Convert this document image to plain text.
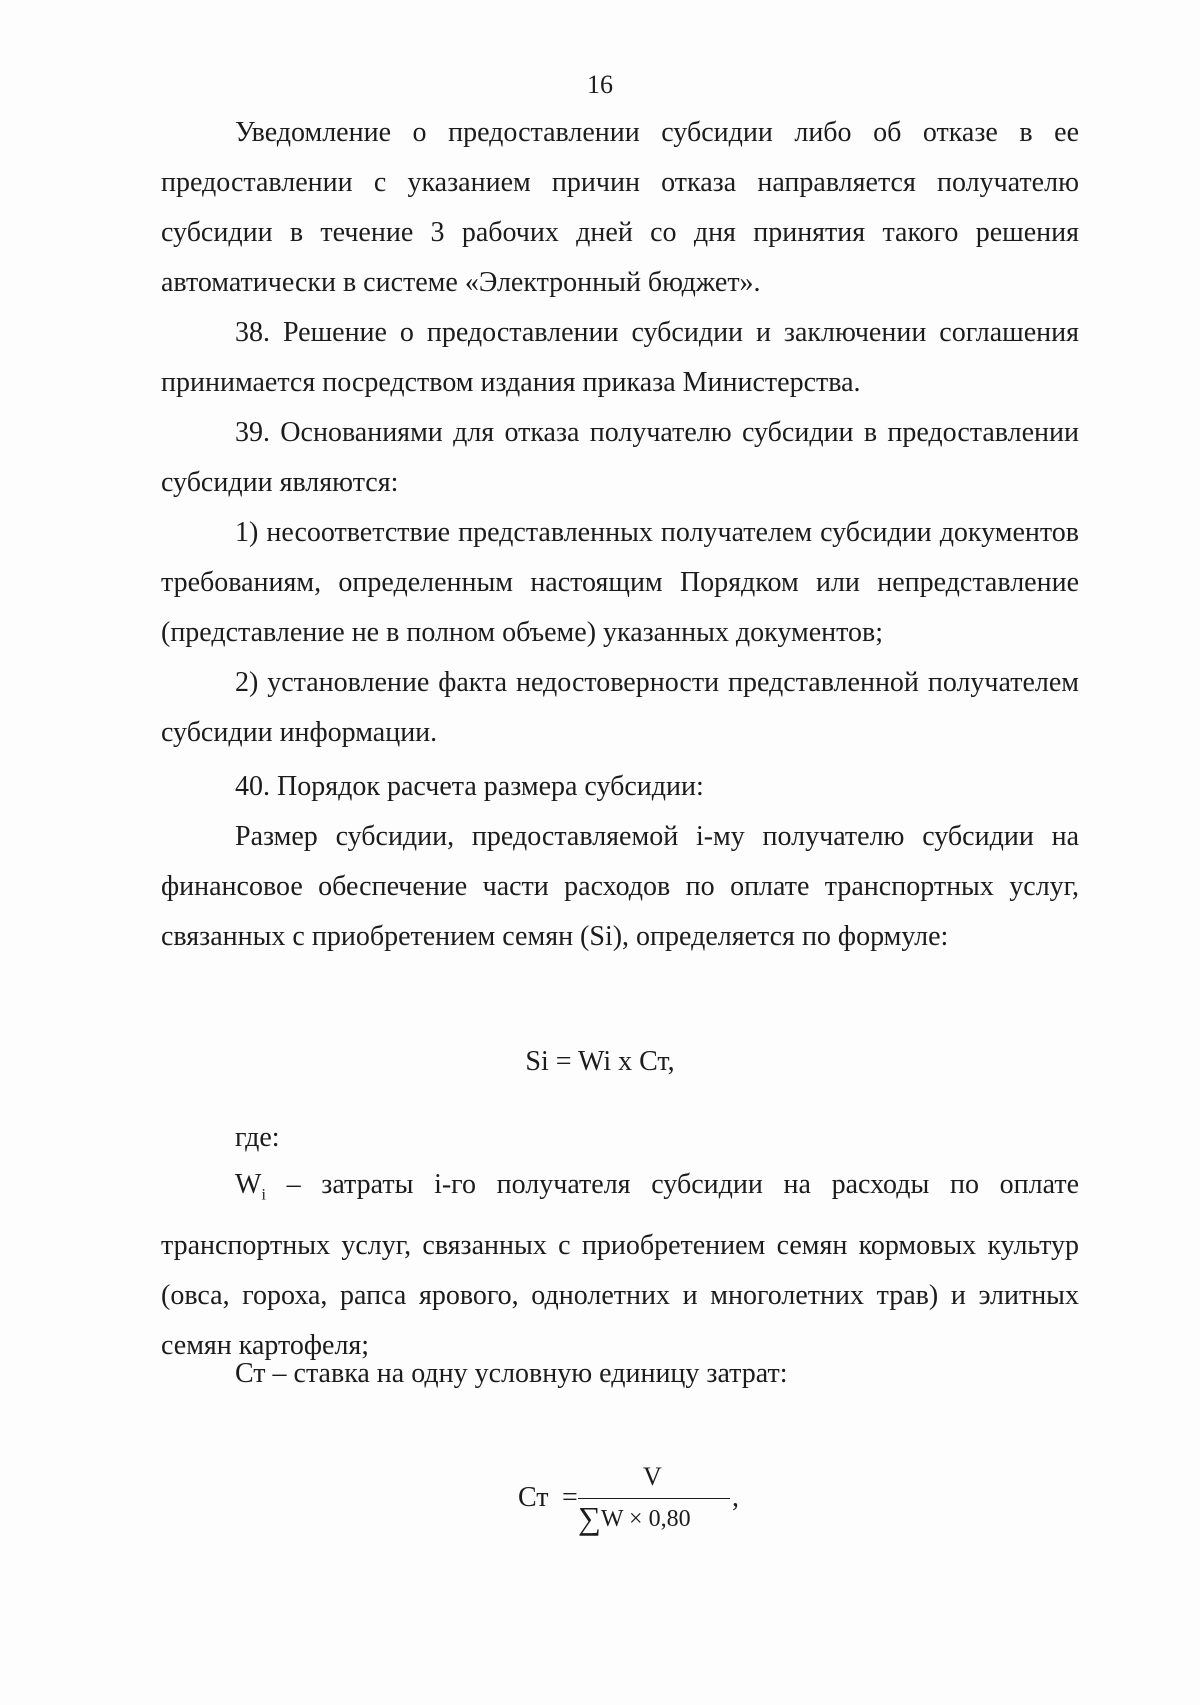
16

Уведомление о предоставлении субсидии либо об отказе в ее предоставлении с указанием причин отказа направляется получателю субсидии в течение 3 рабочих дней со дня принятия такого решения автоматически в системе «Электронный бюджет».

38. Решение о предоставлении субсидии и заключении соглашения принимается посредством издания приказа Министерства.

39. Основаниями для отказа получателю субсидии в предоставлении субсидии являются:

1) несоответствие представленных получателем субсидии документов требованиям, определенным настоящим Порядком или непредставление (представление не в полном объеме) указанных документов;

2) установление факта недостоверности представленной получателем субсидии информации.

40. Порядок расчета размера субсидии:

Размер субсидии, предоставляемой i-му получателю субсидии на финансовое обеспечение части расходов по оплате транспортных услуг, связанных с приобретением семян (Si), определяется по формуле:

Si = Wi x Ст,
где:

$W_i$ – затраты i-го получателя субсидии на расходы по оплате транспортных услуг, связанных с приобретением семян кормовых культур (овса, гороха, рапса ярового, однолетних и многолетних трав) и элитных семян картофеля;

Ст – ставка на одну условную единицу затрат:
Ст =
V
∑W × 0,80
,
